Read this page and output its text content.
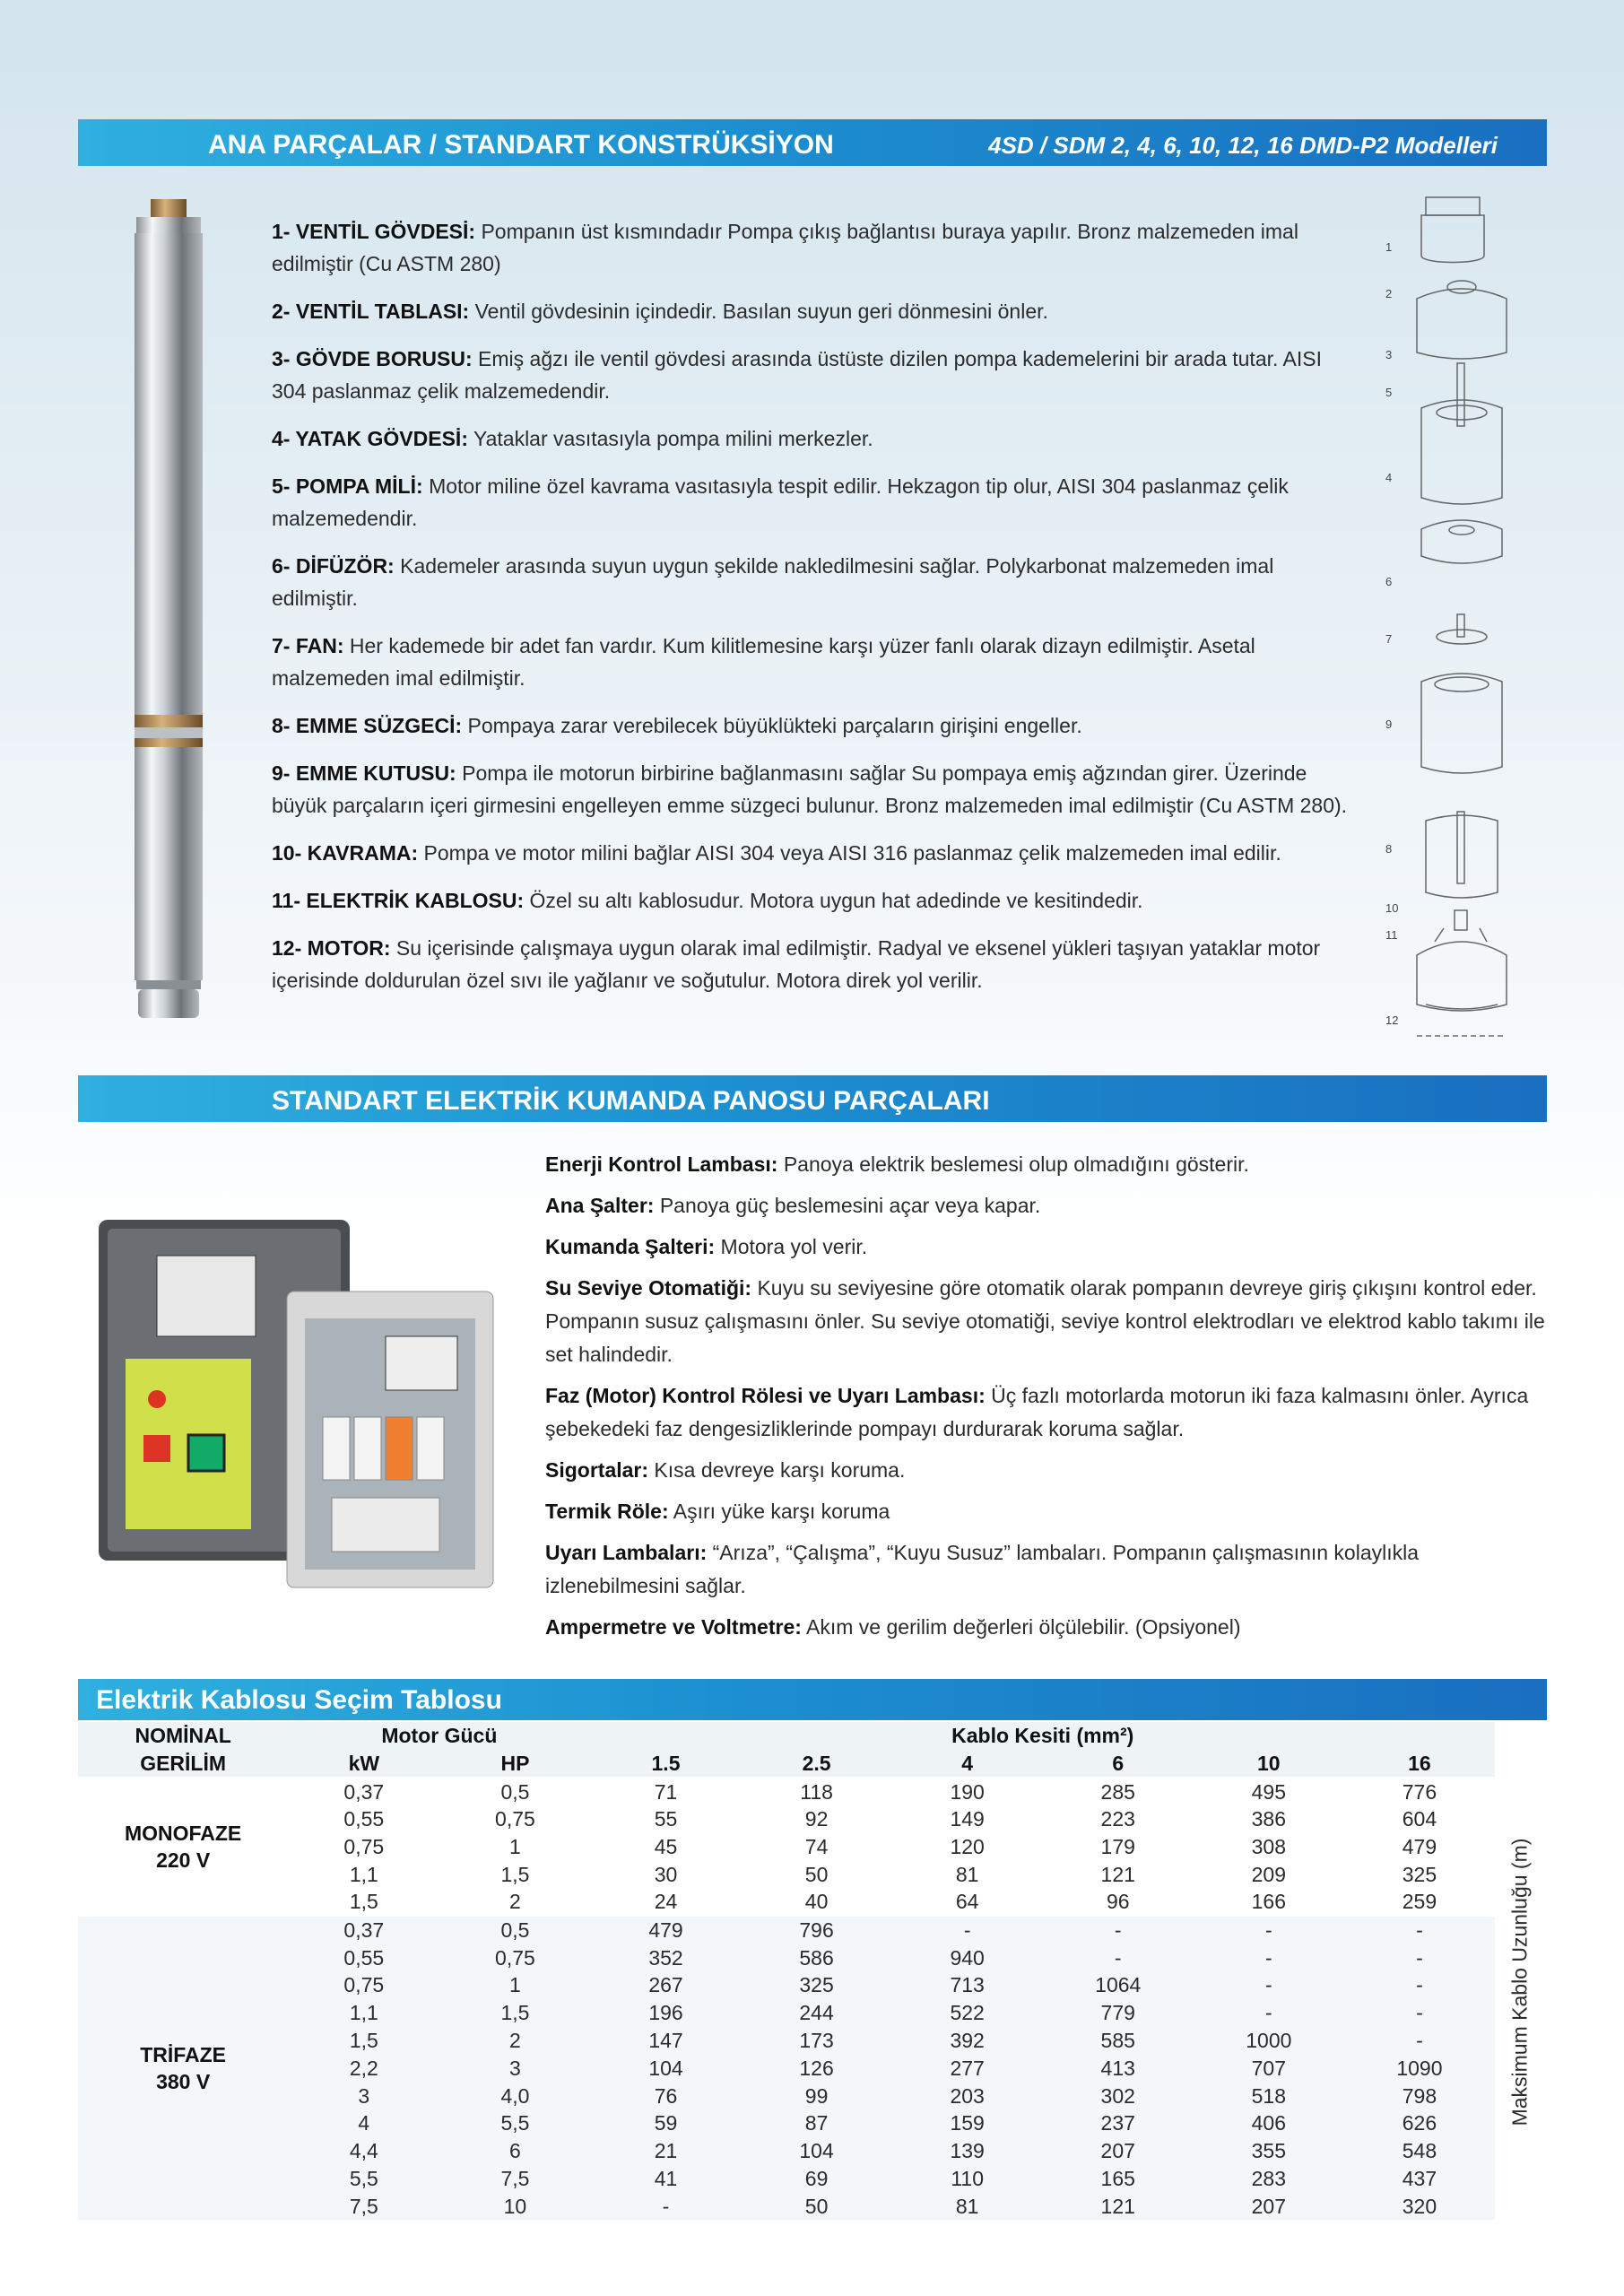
ANA PARÇALAR / STANDART KONSTRÜKSİYON	4SD / SDM 2, 4, 6, 10, 12, 16 DMD-P2 Modelleri
1
2
3
5
4
6
7
9
8
10
11
12
1- VENTİL GÖVDESİ: Pompanın üst kısmındadır Pompa çıkış bağlantısı buraya yapılır. Bronz malzemeden imal edilmiştir (Cu ASTM 280)
2- VENTİL TABLASI: Ventil gövdesinin içindedir. Basılan suyun geri dönmesini önler.
3- GÖVDE BORUSU: Emiş ağzı ile ventil gövdesi arasında üstüste dizilen pompa kademelerini bir arada tutar. AISI 304 paslanmaz çelik malzemedendir.
4- YATAK GÖVDESİ: Yataklar vasıtasıyla pompa milini merkezler.
5- POMPA MİLİ: Motor miline özel kavrama vasıtasıyla tespit edilir. Hekzagon tip olur, AISI 304 paslanmaz çelik malzemedendir.
6- DİFÜZÖR: Kademeler arasında suyun uygun şekilde nakledilmesini sağlar. Polykarbonat malzemeden imal edilmiştir.
7- FAN: Her kademede bir adet fan vardır. Kum kilitlemesine karşı yüzer fanlı olarak dizayn edilmiştir. Asetal malzemeden imal edilmiştir.
8- EMME SÜZGECİ: Pompaya zarar verebilecek büyüklükteki parçaların girişini engeller.
9- EMME KUTUSU: Pompa ile motorun birbirine bağlanmasını sağlar Su pompaya emiş ağzından girer. Üzerinde büyük parçaların içeri girmesini engelleyen emme süzgeci bulunur. Bronz malzemeden imal edilmiştir (Cu ASTM 280).
10- KAVRAMA: Pompa ve motor milini bağlar AISI 304 veya AISI 316 paslanmaz çelik malzemeden imal edilir.
11- ELEKTRİK KABLOSU: Özel su altı kablosudur. Motora uygun hat adedinde ve kesitindedir.
12- MOTOR: Su içerisinde çalışmaya uygun olarak imal edilmiştir. Radyal ve eksenel yükleri taşıyan yataklar motor içerisinde doldurulan özel sıvı ile yağlanır ve soğutulur. Motora direk yol verilir.
STANDART ELEKTRİK KUMANDA PANOSU PARÇALARI
Enerji Kontrol Lambası: Panoya elektrik beslemesi olup olmadığını gösterir.
Ana Şalter: Panoya güç beslemesini açar veya kapar.
Kumanda Şalteri: Motora yol verir.
Su Seviye Otomatiği: Kuyu su seviyesine göre otomatik olarak pompanın devreye giriş çıkışını kontrol eder. Pompanın susuz çalışmasını önler. Su seviye otomatiği, seviye kontrol elektrodları ve elektrod kablo takımı ile set halindedir.
Faz (Motor) Kontrol Rölesi ve Uyarı Lambası: Üç fazlı motorlarda motorun iki faza kalmasını önler. Ayrıca şebekedeki faz dengesizliklerinde pompayı durdurarak koruma sağlar.
Sigortalar: Kısa devreye karşı koruma.
Termik Röle: Aşırı yüke karşı koruma
Uyarı Lambaları: “Arıza”, “Çalışma”, “Kuyu Susuz” lambaları. Pompanın çalışmasının kolaylıkla izlenebilmesini sağlar.
Ampermetre ve Voltmetre: Akım ve gerilim değerleri ölçülebilir. (Opsiyonel)
Elektrik Kablosu Seçim Tablosu
NOMİNAL	Motor Gücü		Kablo Kesiti (mm²)					
GERİLİM	kW	HP	1.5	2.5	4	6	10	16

MONOFAZE
220 V	0,37	0,5	71	118	190	285	495	776
	0,55	0,75	55	92	149	223	386	604
	0,75	1	45	74	120	179	308	479
	1,1	1,5	30	50	81	121	209	325
	1,5	2	24	40	64	96	166	259

TRİFAZE
380 V	0,37	0,5	479	796	-	-	-	-
	0,55	0,75	352	586	940	-	-	-
	0,75	1	267	325	713	1064	-	-
	1,1	1,5	196	244	522	779	-	-
	1,5	2	147	173	392	585	1000	-
	2,2	3	104	126	277	413	707	1090
	3	4,0	76	99	203	302	518	798
	4	5,5	59	87	159	237	406	626
	4,4	6	21	104	139	207	355	548
	5,5	7,5	41	69	110	165	283	437
	7,5	10	-	50	81	121	207	320
Maksimum Kablo Uzunluğu (m)
